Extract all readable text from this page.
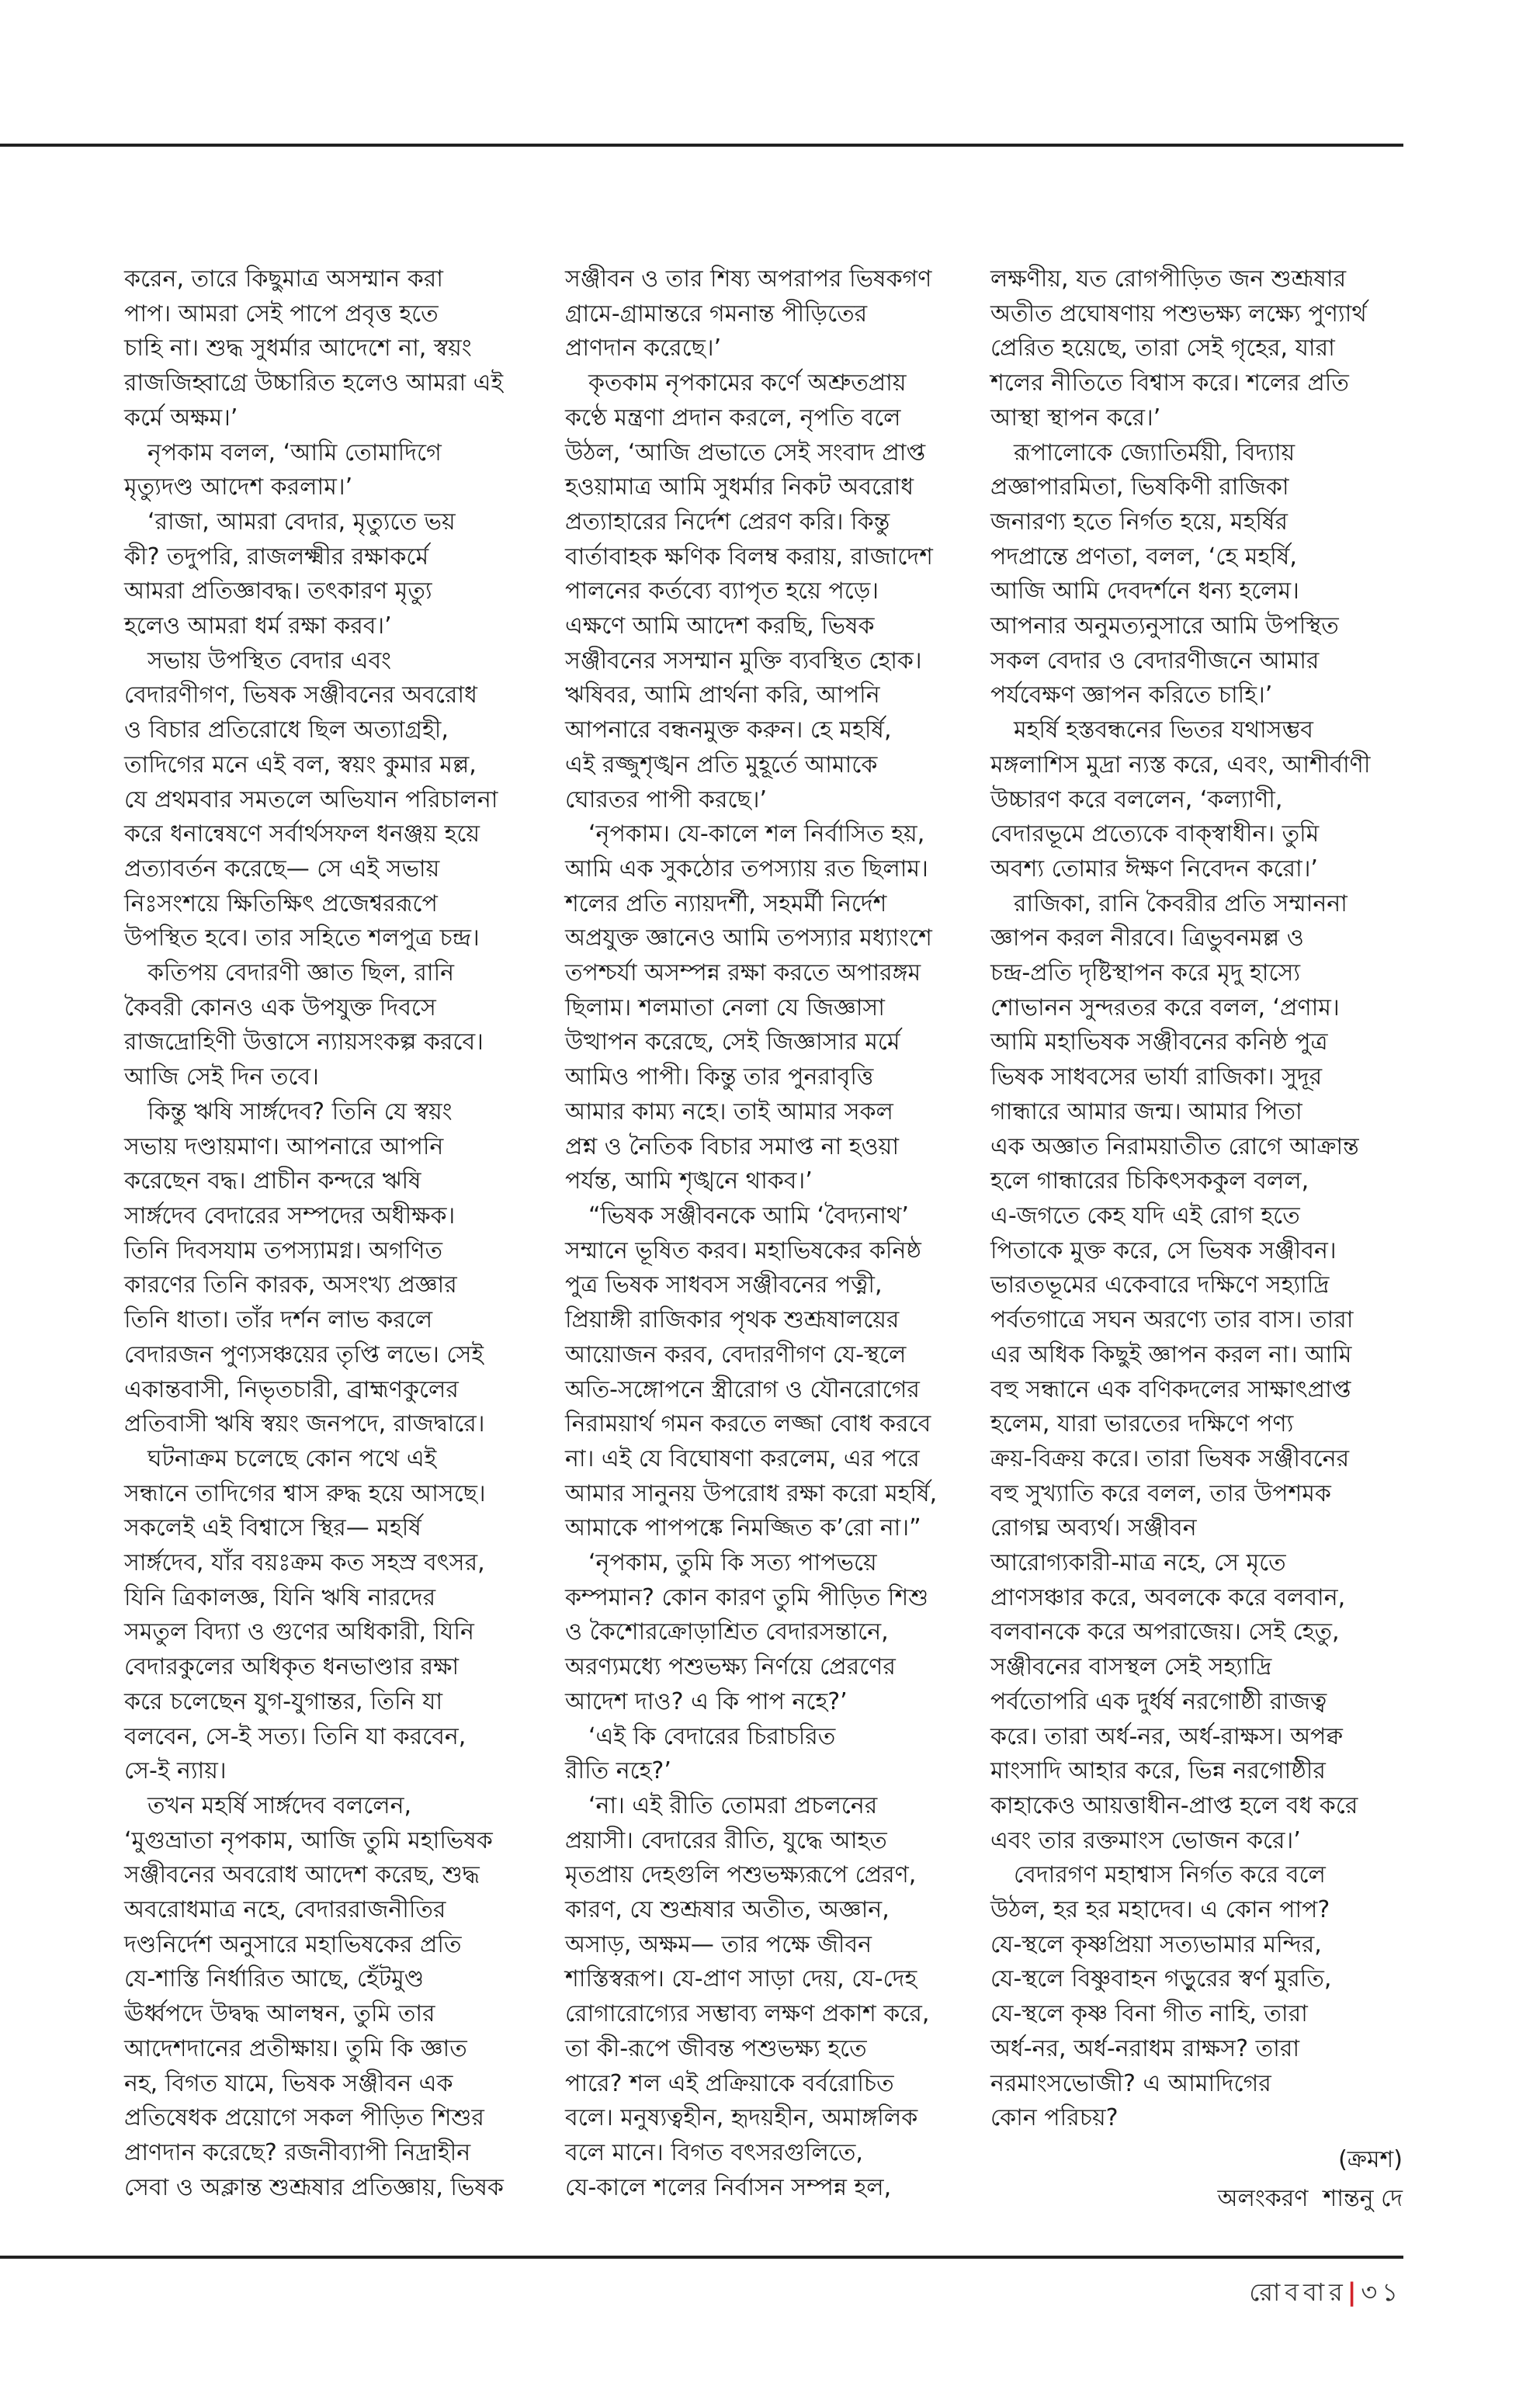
করেন, তারে কিছুমাত্র অসম্মান করা
পাপ। আমরা সেই পাপে প্রবৃত্ত হতে
চাহি না। শুদ্ধ সুধর্মার আদেশে না, স্বয়ং
রাজজিহ্বাগ্রে উচ্চারিত হলেও আমরা এই
কর্মে অক্ষম।’
নৃপকাম বলল, ‘আমি তোমাদিগে
মৃত্যুদণ্ড আদেশ করলাম।’
‘রাজা, আমরা বেদার, মৃত্যুতে ভয়
কী? তদুপরি, রাজলক্ষ্মীর রক্ষাকর্মে
আমরা প্রতিজ্ঞাবদ্ধ। তৎকারণ মৃত্যু
হলেও আমরা ধর্ম রক্ষা করব।’
সভায় উপস্থিত বেদার এবং
বেদারণীগণ, ভিষক সঞ্জীবনের অবরোধ
ও বিচার প্রতিরোধে ছিল অত্যাগ্রহী,
তাদিগের মনে এই বল, স্বয়ং কুমার মল্ল,
যে প্রথমবার সমতলে অভিযান পরিচালনা
করে ধনান্বেষণে সর্বার্থসফল ধনঞ্জয় হয়ে
প্রত্যাবর্তন করেছে— সে এই সভায়
নিঃসংশয়ে ক্ষিতিক্ষিৎ প্রজেশ্বররূপে
উপস্থিত হবে। তার সহিতে শলপুত্র চন্দ্র।
কতিপয় বেদারণী জ্ঞাত ছিল, রানি
কৈবরী কোনও এক উপযুক্ত দিবসে
রাজদ্রোহিণী উত্তাসে ন্যায়সংকল্প করবে।
আজি সেই দিন তবে।
কিন্তু ঋষি সার্ঙ্গদেব? তিনি যে স্বয়ং
সভায় দণ্ডায়মাণ। আপনারে আপনি
করেছেন বদ্ধ। প্রাচীন কন্দরে ঋষি
সার্ঙ্গদেব বেদারের সম্পদের অধীক্ষক।
তিনি দিবসযাম তপস্যামগ্ন। অগণিত
কারণের তিনি কারক, অসংখ্য প্রজ্ঞার
তিনি ধাতা। তাঁর দর্শন লাভ করলে
বেদারজন পুণ্যসঞ্চয়ের তৃপ্তি লভে। সেই
একান্তবাসী, নিভৃতচারী, ব্রাহ্মণকুলের
প্রতিবাসী ঋষি স্বয়ং জনপদে, রাজদ্বারে।
ঘটনাক্রম চলেছে কোন পথে এই
সন্ধানে তাদিগের শ্বাস রুদ্ধ হয়ে আসছে।
সকলেই এই বিশ্বাসে স্থির— মহর্ষি
সার্ঙ্গদেব, যাঁর বয়ঃক্রম কত সহস্র বৎসর,
যিনি ত্রিকালজ্ঞ, যিনি ঋষি নারদের
সমতুল বিদ্যা ও গুণের অধিকারী, যিনি
বেদারকুলের অধিকৃত ধনভাণ্ডার রক্ষা
করে চলেছেন যুগ-যুগান্তর, তিনি যা
বলবেন, সে-ই সত্য। তিনি যা করবেন,
সে-ই ন্যায়।
তখন মহর্ষি সার্ঙ্গদেব বললেন,
‘মুগুভ্রাতা নৃপকাম, আজি তুমি মহাভিষক
সঞ্জীবনের অবরোধ আদেশ করেছ, শুদ্ধ
অবরোধমাত্র নহে, বেদাররাজনীতির
দণ্ডনির্দেশ অনুসারে মহাভিষকের প্রতি
যে-শাস্তি নির্ধারিত আছে, হেঁটমুণ্ড
ঊর্ধ্বপদে উদ্বদ্ধ আলম্বন, তুমি তার
আদেশদানের প্রতীক্ষায়। তুমি কি জ্ঞাত
নহ, বিগত যামে, ভিষক সঞ্জীবন এক
প্রতিষেধক প্রয়োগে সকল পীড়িত শিশুর
প্রাণদান করেছে? রজনীব্যাপী নিদ্রাহীন
সেবা ও অক্লান্ত শুশ্রূষার প্রতিজ্ঞায়, ভিষক
সঞ্জীবন ও তার শিষ্য অপরাপর ভিষকগণ
গ্রামে-গ্রামান্তরে গমনান্ত পীড়িতের
প্রাণদান করেছে।’
কৃতকাম নৃপকামের কর্ণে অশ্রুতপ্রায়
কণ্ঠে মন্ত্রণা প্রদান করলে, নৃপতি বলে
উঠল, ‘আজি প্রভাতে সেই সংবাদ প্রাপ্ত
হওয়ামাত্র আমি সুধর্মার নিকট অবরোধ
প্রত্যাহারের নির্দেশ প্রেরণ করি। কিন্তু
বার্তাবাহক ক্ষণিক বিলম্ব করায়, রাজাদেশ
পালনের কর্তব্যে ব্যাপৃত হয়ে পড়ে।
এক্ষণে আমি আদেশ করছি, ভিষক
সঞ্জীবনের সসম্মান মুক্তি ব্যবস্থিত হোক।
ঋষিবর, আমি প্রার্থনা করি, আপনি
আপনারে বন্ধনমুক্ত করুন। হে মহর্ষি,
এই রজ্জুশৃঙ্খন প্রতি মুহূর্তে আমাকে
ঘোরতর পাপী করছে।’
‘নৃপকাম। যে-কালে শল নির্বাসিত হয়,
আমি এক সুকঠোর তপস্যায় রত ছিলাম।
শলের প্রতি ন্যায়দর্শী, সহমর্মী নির্দেশ
অপ্রযুক্ত জ্ঞানেও আমি তপস্যার মধ্যাংশে
তপশ্চর্যা অসম্পন্ন রক্ষা করতে অপারঙ্গম
ছিলাম। শলমাতা নেলা যে জিজ্ঞাসা
উত্থাপন করেছে, সেই জিজ্ঞাসার মর্মে
আমিও পাপী। কিন্তু তার পুনরাবৃত্তি
আমার কাম্য নহে। তাই আমার সকল
প্রশ্ন ও নৈতিক বিচার সমাপ্ত না হওয়া
পর্যন্ত, আমি শৃঙ্খনে থাকব।’
“ভিষক সঞ্জীবনকে আমি ‘বৈদ্যনাথ’
সম্মানে ভূষিত করব। মহাভিষকের কনিষ্ঠ
পুত্র ভিষক সাধবস সঞ্জীবনের পত্নী,
প্রিয়াঙ্গী রাজিকার পৃথক শুশ্রূষালয়ের
আয়োজন করব, বেদারণীগণ যে-স্থলে
অতি-সঙ্গোপনে স্ত্রীরোগ ও যৌনরোগের
নিরাময়ার্থ গমন করতে লজ্জা বোধ করবে
না। এই যে বিঘোষণা করলেম, এর পরে
আমার সানুনয় উপরোধ রক্ষা করো মহর্ষি,
আমাকে পাপপঙ্কে নিমজ্জিত ক’রো না।”
‘নৃপকাম, তুমি কি সত্য পাপভয়ে
কম্পমান? কোন কারণ তুমি পীড়িত শিশু
ও কৈশোরক্রোড়াশ্রিত বেদারসন্তানে,
অরণ্যমধ্যে পশুভক্ষ্য নির্ণয়ে প্রেরণের
আদেশ দাও? এ কি পাপ নহে?’
‘এই কি বেদারের চিরাচরিত
রীতি নহে?’
‘না। এই রীতি তোমরা প্রচলনের
প্রয়াসী। বেদারের রীতি, যুদ্ধে আহত
মৃতপ্রায় দেহগুলি পশুভক্ষ্যরূপে প্রেরণ,
কারণ, যে শুশ্রূষার অতীত, অজ্ঞান,
অসাড়, অক্ষম— তার পক্ষে জীবন
শাস্তিস্বরূপ। যে-প্রাণ সাড়া দেয়, যে-দেহ
রোগারোগ্যের সম্ভাব্য লক্ষণ প্রকাশ করে,
তা কী-রূপে জীবন্ত পশুভক্ষ্য হতে
পারে? শল এই প্রক্রিয়াকে বর্বরোচিত
বলে। মনুষ্যত্বহীন, হৃদয়হীন, অমাঙ্গলিক
বলে মানে। বিগত বৎসরগুলিতে,
যে-কালে শলের নির্বাসন সম্পন্ন হল,
লক্ষণীয়, যত রোগপীড়িত জন শুশ্রূষার
অতীত প্রঘোষণায় পশুভক্ষ্য লক্ষ্যে পুণ্যার্থ
প্রেরিত হয়েছে, তারা সেই গৃহের, যারা
শলের নীতিতে বিশ্বাস করে। শলের প্রতি
আস্থা স্থাপন করে।’
রূপালোকে জ্যোতির্ময়ী, বিদ্যায়
প্রজ্ঞাপারমিতা, ভিষকিণী রাজিকা
জনারণ্য হতে নির্গত হয়ে, মহর্ষির
পদপ্রান্তে প্রণতা, বলল, ‘হে মহর্ষি,
আজি আমি দেবদর্শনে ধন্য হলেম।
আপনার অনুমত্যনুসারে আমি উপস্থিত
সকল বেদার ও বেদারণীজনে আমার
পর্যবেক্ষণ জ্ঞাপন করিতে চাহি।’
মহর্ষি হস্তবন্ধনের ভিতর যথাসম্ভব
মঙ্গলাশিস মুদ্রা ন্যস্ত করে, এবং, আশীর্বাণী
উচ্চারণ করে বললেন, ‘কল্যাণী,
বেদারভূমে প্রত্যেকে বাক্‌স্বাধীন। তুমি
অবশ্য তোমার ঈক্ষণ নিবেদন করো।’
রাজিকা, রানি কৈবরীর প্রতি সম্মাননা
জ্ঞাপন করল নীরবে। ত্রিভুবনমল্ল ও
চন্দ্র-প্রতি দৃষ্টিস্থাপন করে মৃদু হাস্যে
শোভানন সুন্দরতর করে বলল, ‘প্রণাম।
আমি মহাভিষক সঞ্জীবনের কনিষ্ঠ পুত্র
ভিষক সাধবসের ভার্যা রাজিকা। সুদূর
গান্ধারে আমার জন্ম। আমার পিতা
এক অজ্ঞাত নিরাময়াতীত রোগে আক্রান্ত
হলে গান্ধারের চিকিৎসককুল বলল,
এ-জগতে কেহ যদি এই রোগ হতে
পিতাকে মুক্ত করে, সে ভিষক সঞ্জীবন।
ভারতভূমের একেবারে দক্ষিণে সহ্যাদ্রি
পর্বতগাত্রে সঘন অরণ্যে তার বাস। তারা
এর অধিক কিছুই জ্ঞাপন করল না। আমি
বহু সন্ধানে এক বণিকদলের সাক্ষাৎপ্রাপ্ত
হলেম, যারা ভারতের দক্ষিণে পণ্য
ক্রয়-বিক্রয় করে। তারা ভিষক সঞ্জীবনের
বহু সুখ্যাতি করে বলল, তার উপশমক
রোগঘ্ন অব্যর্থ। সঞ্জীবন
আরোগ্যকারী-মাত্র নহে, সে মৃতে
প্রাণসঞ্চার করে, অবলকে করে বলবান,
বলবানকে করে অপরাজেয়। সেই হেতু,
সঞ্জীবনের বাসস্থল সেই সহ্যাদ্রি
পর্বতোপরি এক দুর্ধর্ষ নরগোষ্ঠী রাজত্ব
করে। তারা অর্ধ-নর, অর্ধ-রাক্ষস। অপক্ব
মাংসাদি আহার করে, ভিন্ন নরগোষ্ঠীর
কাহাকেও আয়ত্তাধীন-প্রাপ্ত হলে বধ করে
এবং তার রক্তমাংস ভোজন করে।’
বেদারগণ মহাশ্বাস নির্গত করে বলে
উঠল, হর হর মহাদেব। এ কোন পাপ?
যে-স্থলে কৃষ্ণপ্রিয়া সত্যভামার মন্দির,
যে-স্থলে বিষ্ণুবাহন গড়ুরের স্বর্ণ মুরতি,
যে-স্থলে কৃষ্ণ বিনা গীত নাহি, তারা
অর্ধ-নর, অর্ধ-নরাধম রাক্ষস? তারা
নরমাংসভোজী? এ আমাদিগের
কোন পরিচয়?
(ক্রমশ)
অলংকরণ  শান্তনু দে
রোববার|৩১
